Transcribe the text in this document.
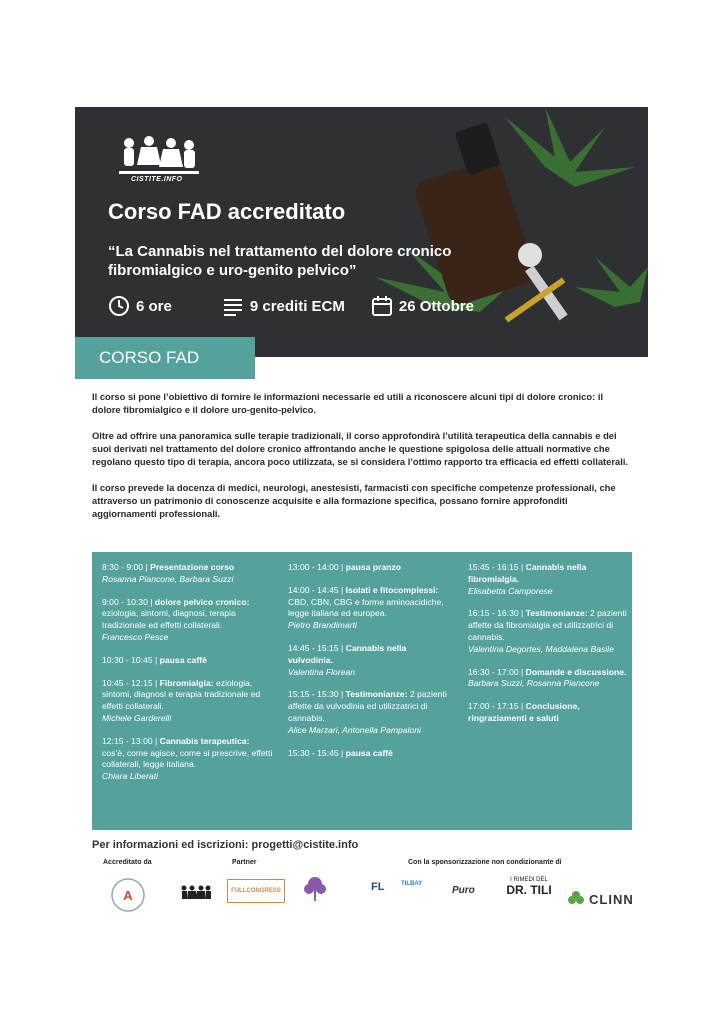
CISTITE.INFO
Corso FAD accreditato
“La Cannabis nel trattamento del dolore cronico fibromialgico e uro-genito pelvico”
6 ore	9 crediti ECM	26 Ottobre
CORSO FAD

Il corso si pone l’obiettivo di fornire le informazioni necessarie ed utili a riconoscere alcuni tipi di dolore cronico: il dolore fibromialgico e il dolore uro-genito-pelvico.

Oltre ad offrire una panoramica sulle terapie tradizionali, il corso approfondirà l’utilità terapeutica della cannabis e dei suoi derivati nel trattamento del dolore cronico affrontando anche le questione spigolosa delle attuali normative che regolano questo tipo di terapia, ancora poco utilizzata, se si considera l’ottimo rapporto tra efficacia ed effetti collaterali.

Il corso prevede la docenza di medici, neurologi, anestesisti, farmacisti con specifiche competenze professionali, che attraverso un patrimonio di conoscenze acquisite e alla formazione specifica, possano fornire approfonditi aggiornamenti professionali.

8:30 - 9:00 | Presentazione corso
Rosanna Piancone, Barbara Suzzi
9:00 - 10:30 | dolore pelvico cronico: eziologia, sintomi, diagnosi, terapia tradizionale ed effetti collaterali.
Francesco Pesce
10:30 - 10:45 | pausa caffè
10:45 - 12:15 | Fibromialgia: eziologia, sintomi, diagnosi e terapia tradizionale ed effetti collaterali.
Michele Garderelli
12:15 - 13:00 | Cannabis terapeutica: cos’è, come agisce, come si prescrive, effetti collaterali, legge italiana.
Chiara Liberati
13:00 - 14:00 | pausa pranzo
14:00 - 14:45 | Isolati e fitocomplessi: CBD, CBN, CBG e forme aminoacidiche, legge italiana ed europea.
Pietro Brandimarti
14:45 - 15:15 | Cannabis nella vulvodinia.
Valentina Florean
15:15 - 15:30 | Testimonianze: 2 pazienti affette da vulvodinia ed utilizzatrici di cannabis.
Alice Marzari, Antonella Pampaloni
15:30 - 15:45 | pausa caffè
15:45 - 16:15 | Cannabis nella fibromialgia.
Elisabetta Camporese
16:15 - 16:30 | Testimonianze: 2 pazienti affette da fibromialgia ed utilizzatrici di cannabis.
Valentina Degortes, Maddalena Basile
16:30 - 17:00 | Domande e discussione.
Barbara Suzzi, Rosanna Piancone
17:00 - 17:15 | Conclusione, ringraziamenti e saluti
Per informazioni ed iscrizioni: progetti@cistite.info
Accreditato da	Partner	Con la sponsorizzazione non condizionante di
A	FULLCONGRESS	FL	TILBAY
Puro
I RIMEDI DEL
DR. TILI
CLINN
